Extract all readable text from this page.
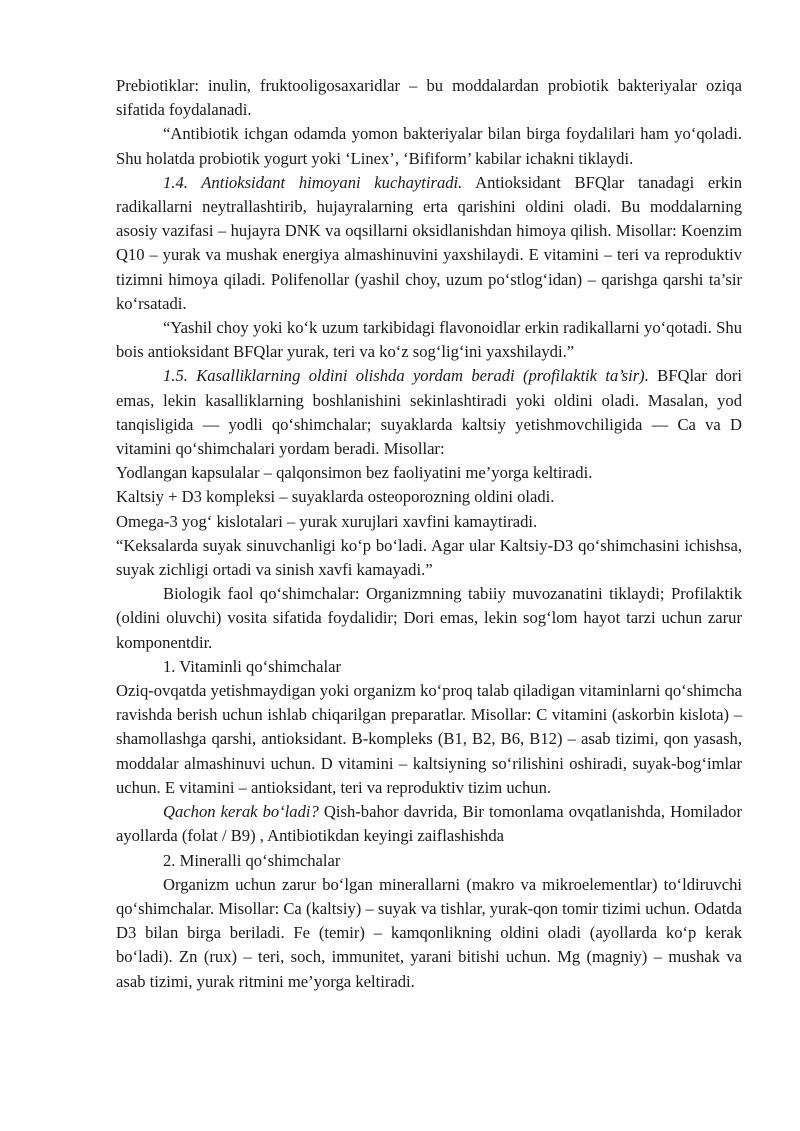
Prebiotiklar: inulin, fruktooligosaxaridlar – bu moddalardan probiotik bakteriyalar oziqa sifatida foydalanadi.

“Antibiotik ichgan odamda yomon bakteriyalar bilan birga foydalilari ham yo‘qoladi. Shu holatda probiotik yogurt yoki ‘Linex’, ‘Bifiform’ kabilar ichakni tiklaydi.

1.4. Antioksidant himoyani kuchaytiradi. Antioksidant BFQlar tanadagi erkin radikallarni neytrallashtirib, hujayralarning erta qarishini oldini oladi. Bu moddalarning asosiy vazifasi – hujayra DNK va oqsillarni oksidlanishdan himoya qilish. Misollar: Koenzim Q10 – yurak va mushak energiya almashinuvini yaxshilaydi. E vitamini – teri va reproduktiv tizimni himoya qiladi. Polifenollar (yashil choy, uzum po‘stlog‘idan) – qarishga qarshi ta’sir ko‘rsatadi.

“Yashil choy yoki ko‘k uzum tarkibidagi flavonoidlar erkin radikallarni yo‘qotadi. Shu bois antioksidant BFQlar yurak, teri va ko‘z sog‘lig‘ini yaxshilaydi.”

1.5. Kasalliklarning oldini olishda yordam beradi (profilaktik ta’sir). BFQlar dori emas, lekin kasalliklarning boshlanishini sekinlashtiradi yoki oldini oladi. Masalan, yod tanqisligida — yodli qo‘shimchalar; suyaklarda kaltsiy yetishmovchiligida — Ca va D vitamini qo‘shimchalari yordam beradi. Misollar:

Yodlangan kapsulalar – qalqonsimon bez faoliyatini me’yorga keltiradi.

Kaltsiy + D3 kompleksi – suyaklarda osteoporozning oldini oladi.

Omega-3 yog‘ kislotalari – yurak xurujlari xavfini kamaytiradi.

“Keksalarda suyak sinuvchanligi ko‘p bo‘ladi. Agar ular Kaltsiy-D3 qo‘shimchasini ichishsa, suyak zichligi ortadi va sinish xavfi kamayadi.”

Biologik faol qo‘shimchalar: Organizmning tabiiy muvozanatini tiklaydi; Profilaktik (oldini oluvchi) vosita sifatida foydalidir; Dori emas, lekin sog‘lom hayot tarzi uchun zarur komponentdir.

1. Vitaminli qo‘shimchalar

Oziq-ovqatda yetishmaydigan yoki organizm ko‘proq talab qiladigan vitaminlarni qo‘shimcha ravishda berish uchun ishlab chiqarilgan preparatlar. Misollar: C vitamini (askorbin kislota) – shamollashga qarshi, antioksidant. B-kompleks (B1, B2, B6, B12) – asab tizimi, qon yasash, moddalar almashinuvi uchun. D vitamini – kaltsiyning so‘rilishini oshiradi, suyak-bog‘imlar uchun. E vitamini – antioksidant, teri va reproduktiv tizim uchun.

Qachon kerak bo‘ladi? Qish-bahor davrida, Bir tomonlama ovqatlanishda, Homilador ayollarda (folat / B9) , Antibiotikdan keyingi zaiflashishda

2. Mineralli qo‘shimchalar

Organizm uchun zarur bo‘lgan minerallarni (makro va mikroelementlar) to‘ldiruvchi qo‘shimchalar. Misollar: Ca (kaltsiy) – suyak va tishlar, yurak-qon tomir tizimi uchun. Odatda D3 bilan birga beriladi. Fe (temir) – kamqonlikning oldini oladi (ayollarda ko‘p kerak bo‘ladi). Zn (rux) – teri, soch, immunitet, yarani bitishi uchun. Mg (magniy) – mushak va asab tizimi, yurak ritmini me’yorga keltiradi.
